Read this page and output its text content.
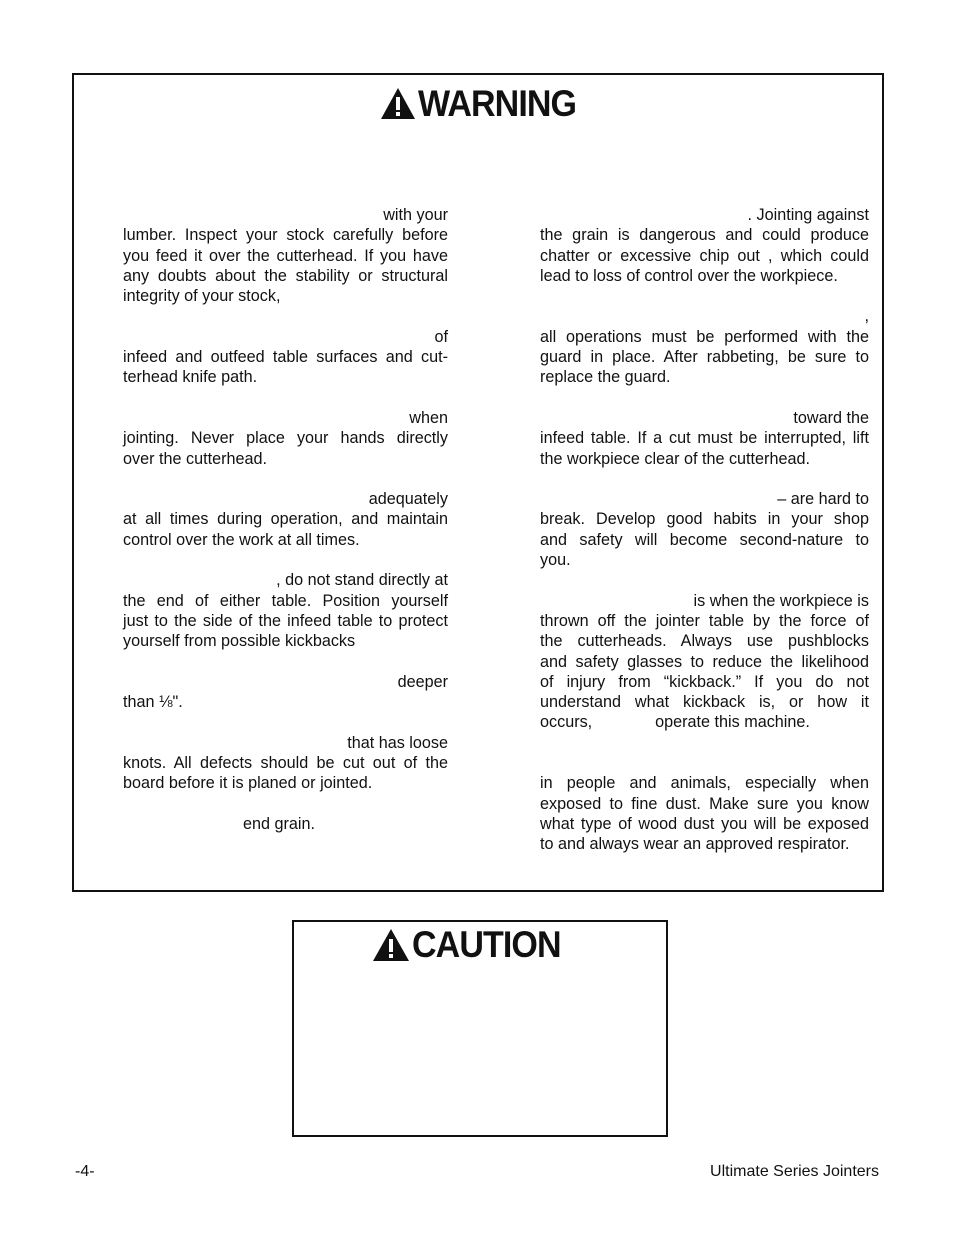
WARNING

with your

lumber. Inspect your stock carefully before

you feed it over the cutterhead. If you have

any doubts about the stability or structural

integrity of your stock,

of

infeed and outfeed table surfaces and cut-

terhead knife path.

when

jointing. Never place your hands directly

over the cutterhead.

adequately

at all times during operation, and maintain

control over the work at all times.

, do not stand directly at

the end of either table. Position yourself

just to the side of the infeed table to protect

yourself from possible kickbacks

deeper

than ⅛".

that has loose

knots. All defects should be cut out of the

board before it is planed or jointed.

end grain.

. Jointing against

the grain is dangerous and could produce

chatter or excessive chip out , which could

lead to loss of control over the workpiece.

,

all operations must be performed with the

guard in place. After rabbeting, be sure to

replace the guard.

toward the

infeed table. If a cut must be interrupted, lift

the workpiece clear of the cutterhead.

– are hard to

break. Develop good habits in your shop

and safety will become second-nature to

you.

is when the workpiece is

thrown off the jointer table by the force of

the cutterheads. Always use pushblocks

and safety glasses to reduce the likelihood

of injury from “kickback.” If you do not

understand what kickback is, or how it

occurs,              operate this machine.

in people and animals, especially when

exposed to fine dust. Make sure you know

what type of wood dust you will be exposed

to and always wear an approved respirator.

CAUTION
-4-	Ultimate Series Jointers
